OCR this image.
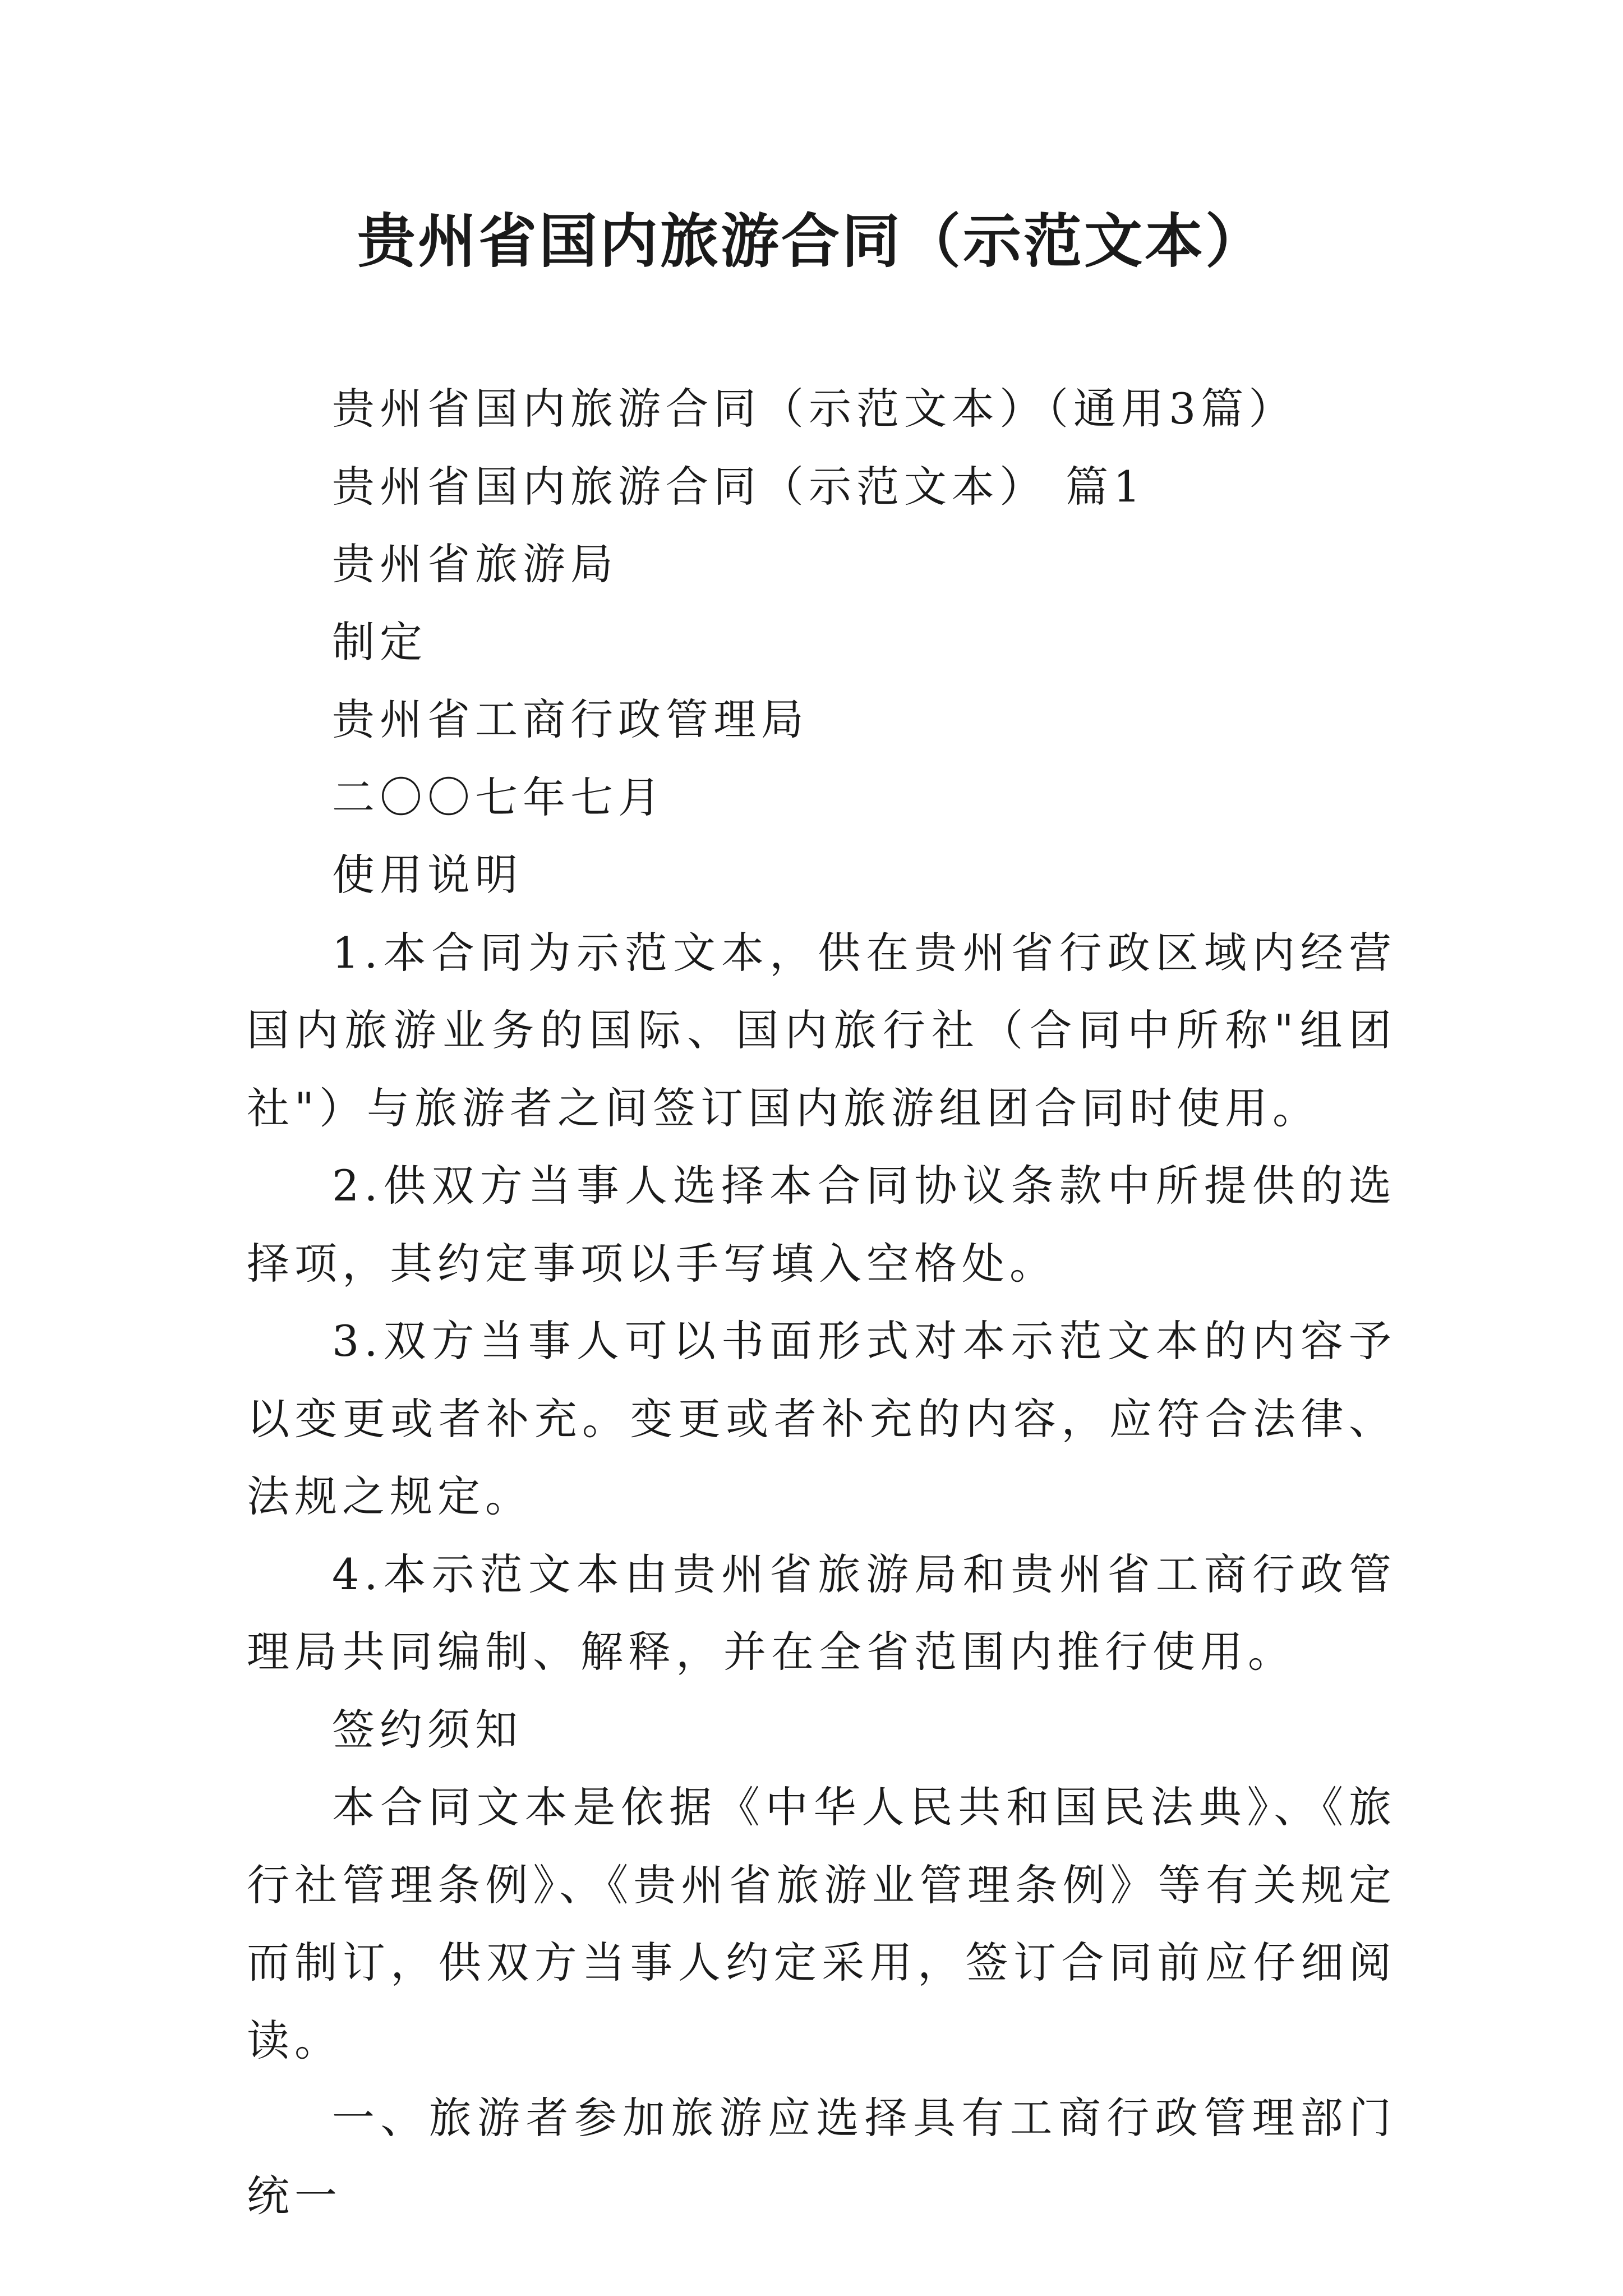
贵州省国内旅游合同（示范文本）

贵州省国内旅游合同（示范文本）（通用3篇）

贵州省国内旅游合同（示范文本） 篇1

贵州省旅游局

制定

贵州省工商行政管理局

二〇〇七年七月

使用说明

1.本合同为示范文本，供在贵州省行政区域内经营国内旅游业务的国际、国内旅行社（合同中所称"组团社"）与旅游者之间签订国内旅游组团合同时使用。

2.供双方当事人选择本合同协议条款中所提供的选择项，其约定事项以手写填入空格处。

3.双方当事人可以书面形式对本示范文本的内容予以变更或者补充。变更或者补充的内容，应符合法律、法规之规定。

4.本示范文本由贵州省旅游局和贵州省工商行政管理局共同编制、解释，并在全省范围内推行使用。

签约须知

本合同文本是依据《中华人民共和国民法典》、《旅行社管理条例》、《贵州省旅游业管理条例》等有关规定而制订，供双方当事人约定采用，签订合同前应仔细阅读。

一、旅游者参加旅游应选择具有工商行政管理部门统一
